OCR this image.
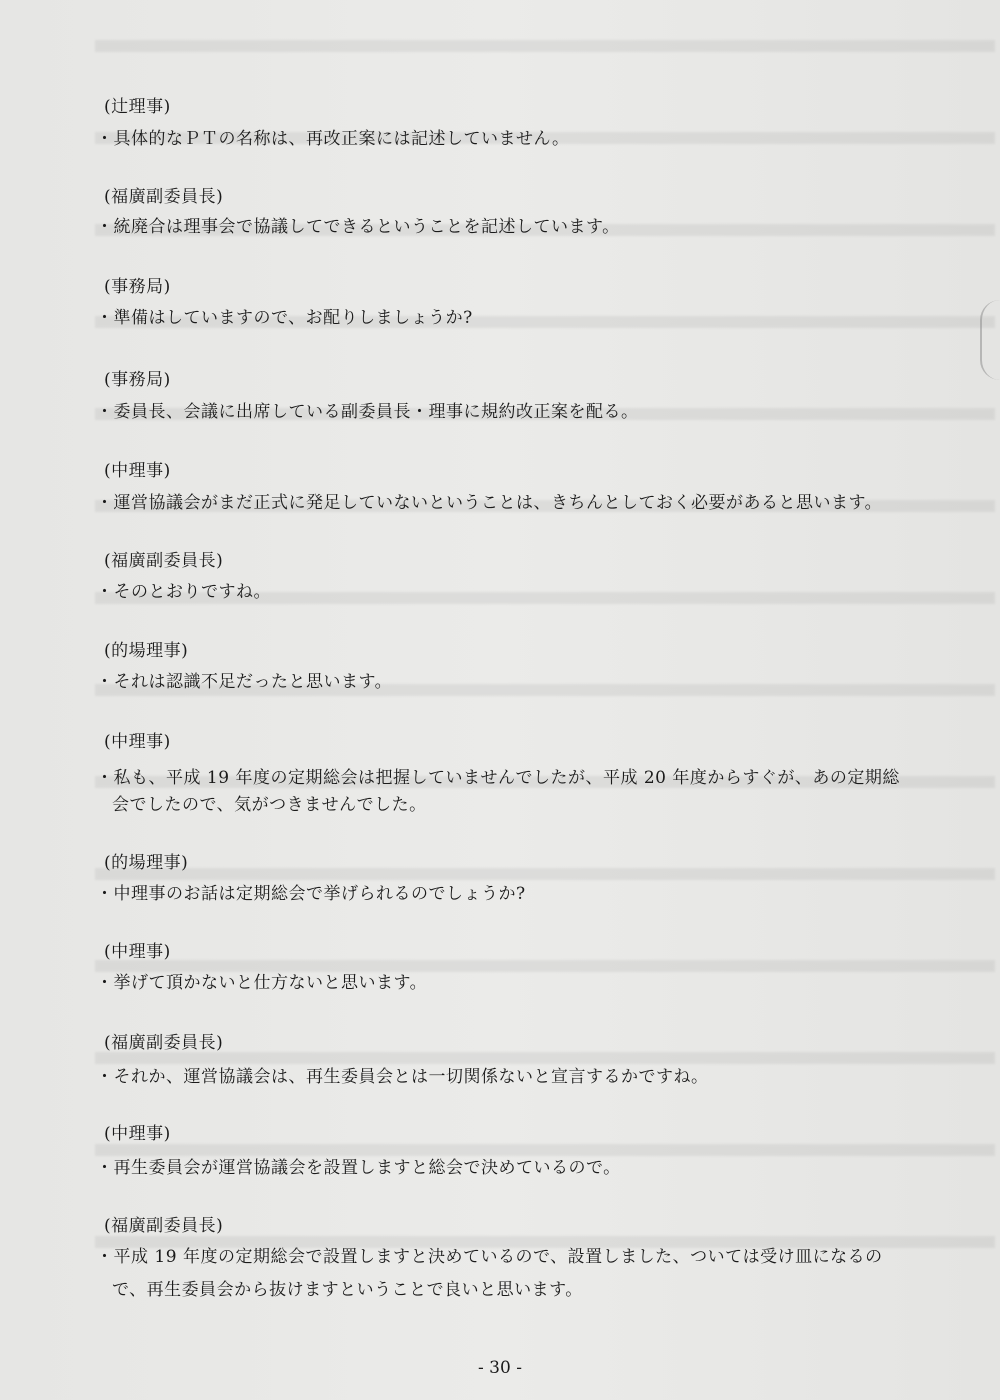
(辻理事)
・具体的なＰＴの名称は、再改正案には記述していません。
(福廣副委員長)
・統廃合は理事会で協議してできるということを記述しています。
(事務局)
・準備はしていますので、お配りしましょうか?
(事務局)
・委員長、会議に出席している副委員長・理事に規約改正案を配る。
(中理事)
・運営協議会がまだ正式に発足していないということは、きちんとしておく必要があると思います。
(福廣副委員長)
・そのとおりですね。
(的場理事)
・それは認識不足だったと思います。
(中理事)
・私も、平成 19 年度の定期総会は把握していませんでしたが、平成 20 年度からすぐが、あの定期総
会でしたので、気がつきませんでした。
(的場理事)
・中理事のお話は定期総会で挙げられるのでしょうか?
(中理事)
・挙げて頂かないと仕方ないと思います。
(福廣副委員長)
・それか、運営協議会は、再生委員会とは一切関係ないと宣言するかですね。
(中理事)
・再生委員会が運営協議会を設置しますと総会で決めているので。
(福廣副委員長)
・平成 19 年度の定期総会で設置しますと決めているので、設置しました、ついては受け皿になるの
で、再生委員会から抜けますということで良いと思います。
- 30 -
